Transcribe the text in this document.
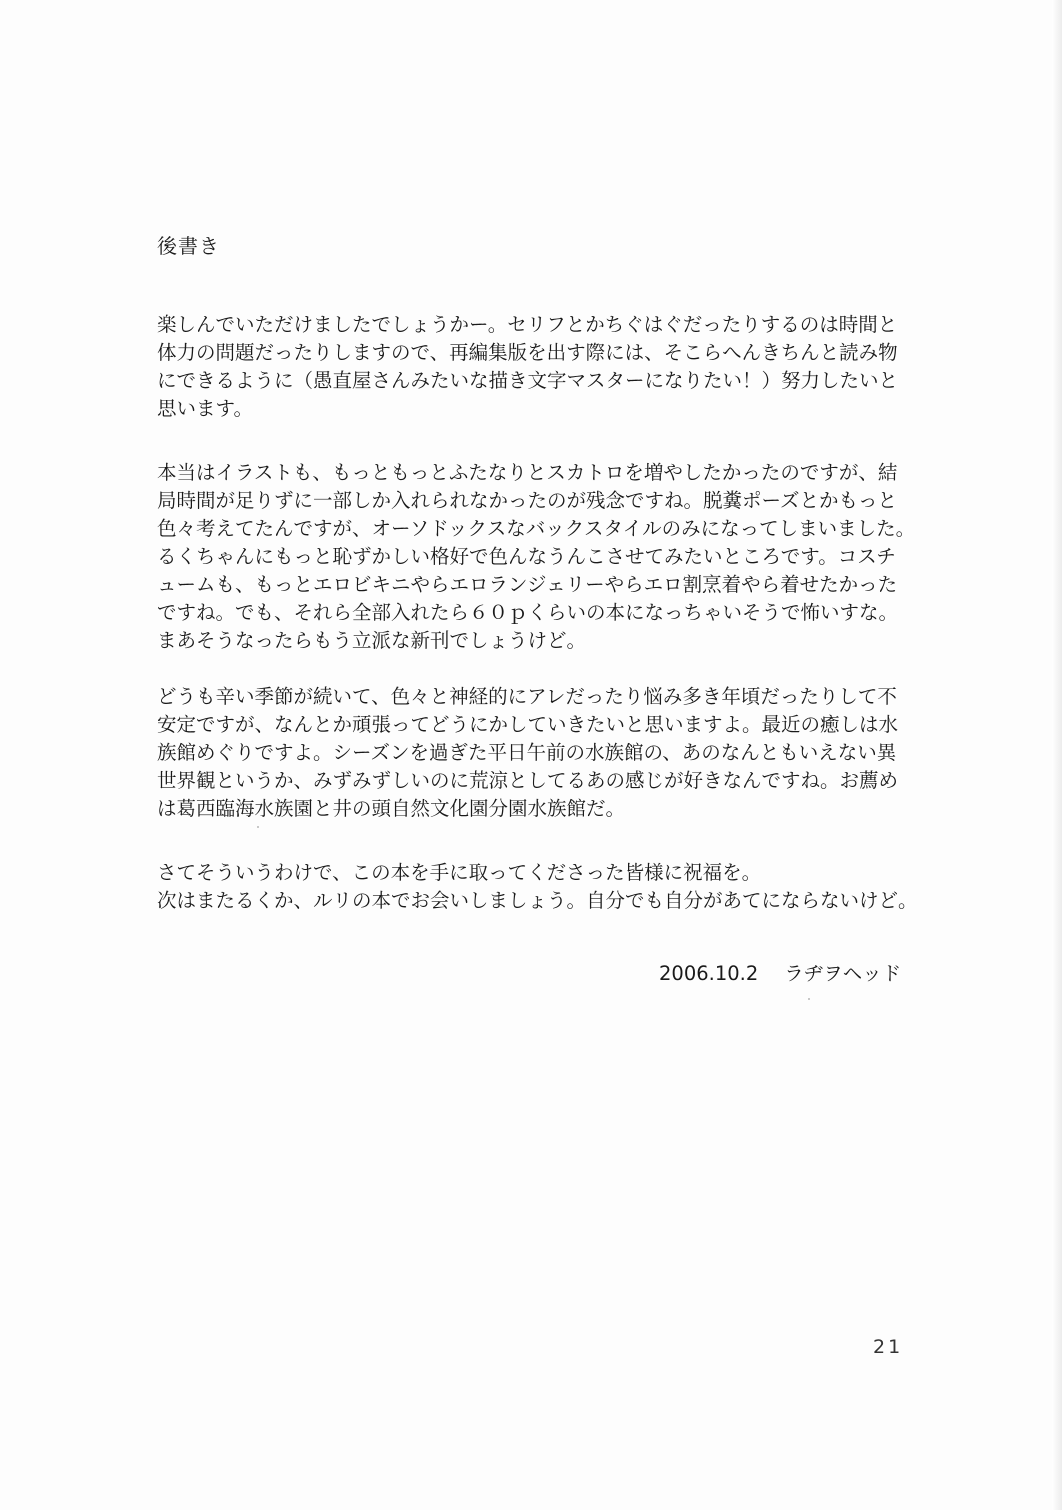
後書き
楽しんでいただけましたでしょうかー。セリフとかちぐはぐだったりするのは時間と
体力の問題だったりしますので、再編集版を出す際には、そこらへんきちんと読み物
にできるように（愚直屋さんみたいな描き文字マスターになりたい！）努力したいと
思います。
本当はイラストも、もっともっとふたなりとスカトロを増やしたかったのですが、結
局時間が足りずに一部しか入れられなかったのが残念ですね。脱糞ポーズとかもっと
色々考えてたんですが、オーソドックスなバックスタイルのみになってしまいました。
るくちゃんにもっと恥ずかしい格好で色んなうんこさせてみたいところです。コスチ
ュームも、もっとエロビキニやらエロランジェリーやらエロ割烹着やら着せたかった
ですね。でも、それら全部入れたら６０ｐくらいの本になっちゃいそうで怖いすな。
まあそうなったらもう立派な新刊でしょうけど。
どうも辛い季節が続いて、色々と神経的にアレだったり悩み多き年頃だったりして不
安定ですが、なんとか頑張ってどうにかしていきたいと思いますよ。最近の癒しは水
族館めぐりですよ。シーズンを過ぎた平日午前の水族館の、あのなんともいえない異
世界観というか、みずみずしいのに荒涼としてるあの感じが好きなんですね。お薦め
は葛西臨海水族園と井の頭自然文化園分園水族館だ。
さてそういうわけで、この本を手に取ってくださった皆様に祝福を。
次はまたるくか、ルリの本でお会いしましょう。自分でも自分があてにならないけど。
2006.10.2 ラヂヲヘッド
21
